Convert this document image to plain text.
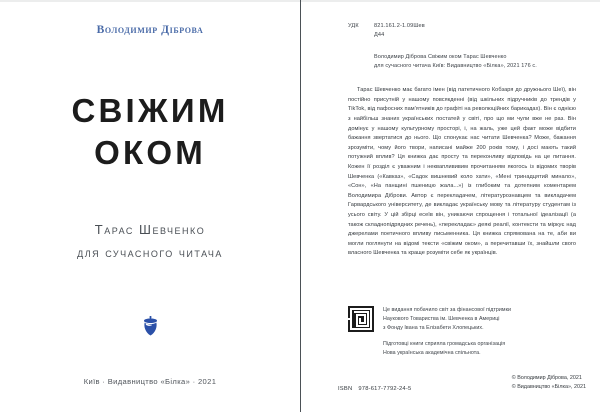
Володимир Діброва
СВІЖИМ
ОКОМ
Тарас Шевченко
для сучасного читача
Київ · Видавництво «Білка» · 2021
УДК	821.161.2-1.09Шев
Д44
Володимир Діброва Свіжим оком Тарас Шевченко
для сучасного читача Київ: Видавництво «Білка», 2021 176 с.

Тарас Шевченко має багато імен (від патетичного Кобзаря до дружнього Шеї), він постійно присутній у нашому повсякденні (від шкільних підручників до трендів у TikTok, від пафосних пам'ятників до графіті на революційних барикадах). Він є однією з найбільш знаних українських постатей у світі, про що ми чули вже не раз. Він домінує у нашому культурному просторі, і, на жаль, уже цей факт може відбити бажання звертатися до нього. Що спонукає нас читати Шевченка? Може, бажання зрозуміти, чому його твори, написані майже 200 років тому, і досі мають такий потужний вплив? Ця книжка дає просту та переконливу відповідь на це питання. Кожен її розділ є уважним і некваплививим прочитанням якогось із відомих творів Шевченка («Кавказ», «Садок вишневий коло хати», «Мені тринадцятий минало», «Сон», «На панщині пшеницю жала...») із глибоким та дотепним коментарем Володимира Діброви. Автор є перекладачем, літературознавцем та викладачем Гарвардського університету, де викладає українську мову та літературу студентам із усього світу. У цій збірці есеїв він, уникаючи спрощення і тотальної ідеалізації (а також складнопідрядних речень), «перекладає» деякі реалії, контексти та міркує над джерелами поетичного впливу письменника. Ця книжка спрямована на те, аби ви могли поглянути на відомі тексти «свіжим оком», а перечитавши їх, знайшли свого власного Шевченка та краще розуміти себе як українців.

Це видання побачило світ за фінансової підтримки
Наукового Товариства ім. Шевченка в Америці
з Фонду Івана та Елізабети Хлопецьких.
Підготовці книги сприяла громадська організація
Нова українська академічна спільнота.
ISBN 978-617-7792-24-5
© Володимир Діброва, 2021
© Видавництво «Білка», 2021
